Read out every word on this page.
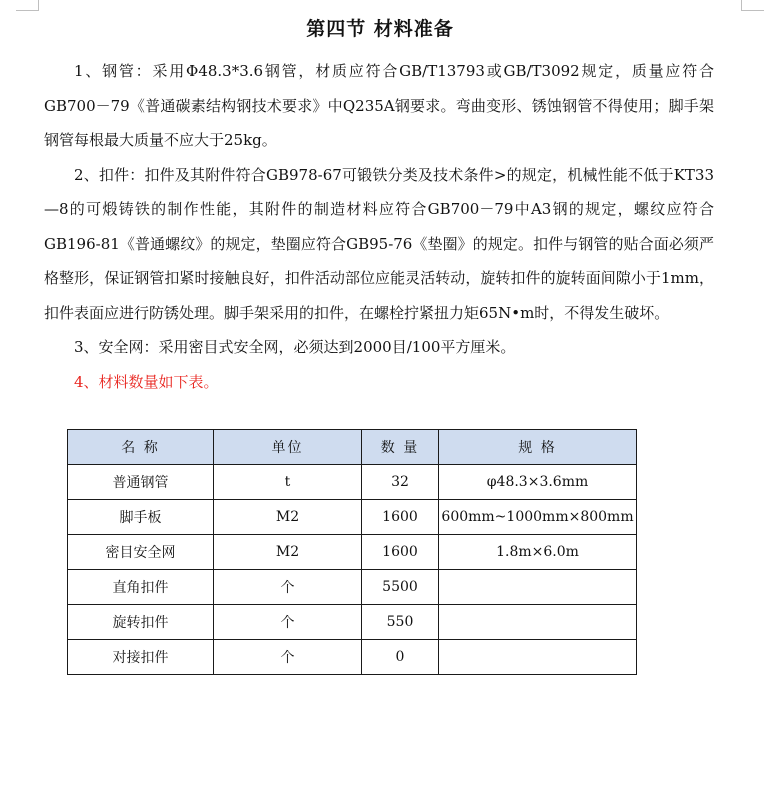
第四节 材料准备

1、钢管：采用Φ48.3*3.6钢管，材质应符合GB/T13793或GB/T3092规定，质量应符合GB700－79《普通碳素结构钢技术要求》中Q235A钢要求。弯曲变形、锈蚀钢管不得使用；脚手架钢管每根最大质量不应大于25kg。

2、扣件：扣件及其附件符合GB978-67可锻铁分类及技术条件>的规定，机械性能不低于KT33—8的可煅铸铁的制作性能，其附件的制造材料应符合GB700－79中A3钢的规定，螺纹应符合GB196-81《普通螺纹》的规定，垫圈应符合GB95-76《垫圈》的规定。扣件与钢管的贴合面必须严格整形，保证钢管扣紧时接触良好，扣件活动部位应能灵活转动，旋转扣件的旋转面间隙小于1mm，扣件表面应进行防锈处理。脚手架采用的扣件，在螺栓拧紧扭力矩65N•m时，不得发生破坏。

3、安全网：采用密目式安全网，必须达到2000目/100平方厘米。

4、材料数量如下表。

名 称	单位	数 量	规 格
普通钢管	t	32	φ48.3×3.6mm
脚手板	M2	1600	600mm~1000mm×800mm
密目安全网	M2	1600	1.8m×6.0m
直角扣件	个	5500	
旋转扣件	个	550	
对接扣件	个	0	
